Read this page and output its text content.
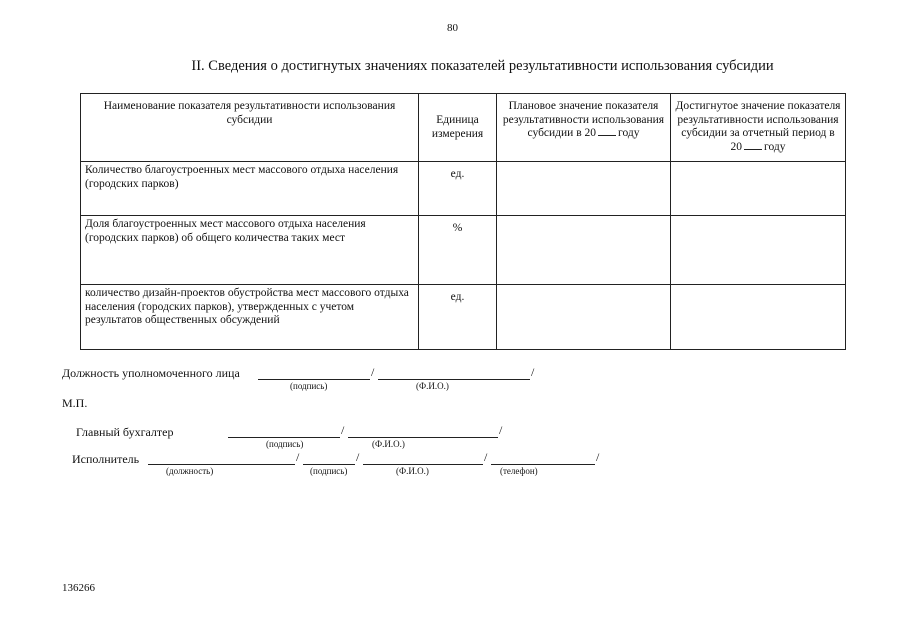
80
II. Сведения о достигнутых значениях показателей результативности использования субсидии
Наименование показателя результативности использования субсидии	Единица измерения	Плановое значение показателя результативности использования субсидии в 20 году	Достигнутое значение показателя результативности использования субсидии за отчетный период в 20 году
Количество благоустроенных мест массового отдыха населения (городских парков)	ед.		
Доля благоустроенных мест массового отдыха населения (городских парков) об общего количества таких мест	%		
количество дизайн-проектов обустройства мест массового отдыха населения (городских парков), утвержденных с учетом результатов общественных обсуждений	ед.		
Должность уполномоченного лица	/	/
(подпись)	(Ф.И.О.)
М.П.
Главный бухгалтер	/	/
(подпись)	(Ф.И.О.)
Исполнитель	/	/	/	/
(должность)	(подпись)	(Ф.И.О.)	(телефон)
136266
